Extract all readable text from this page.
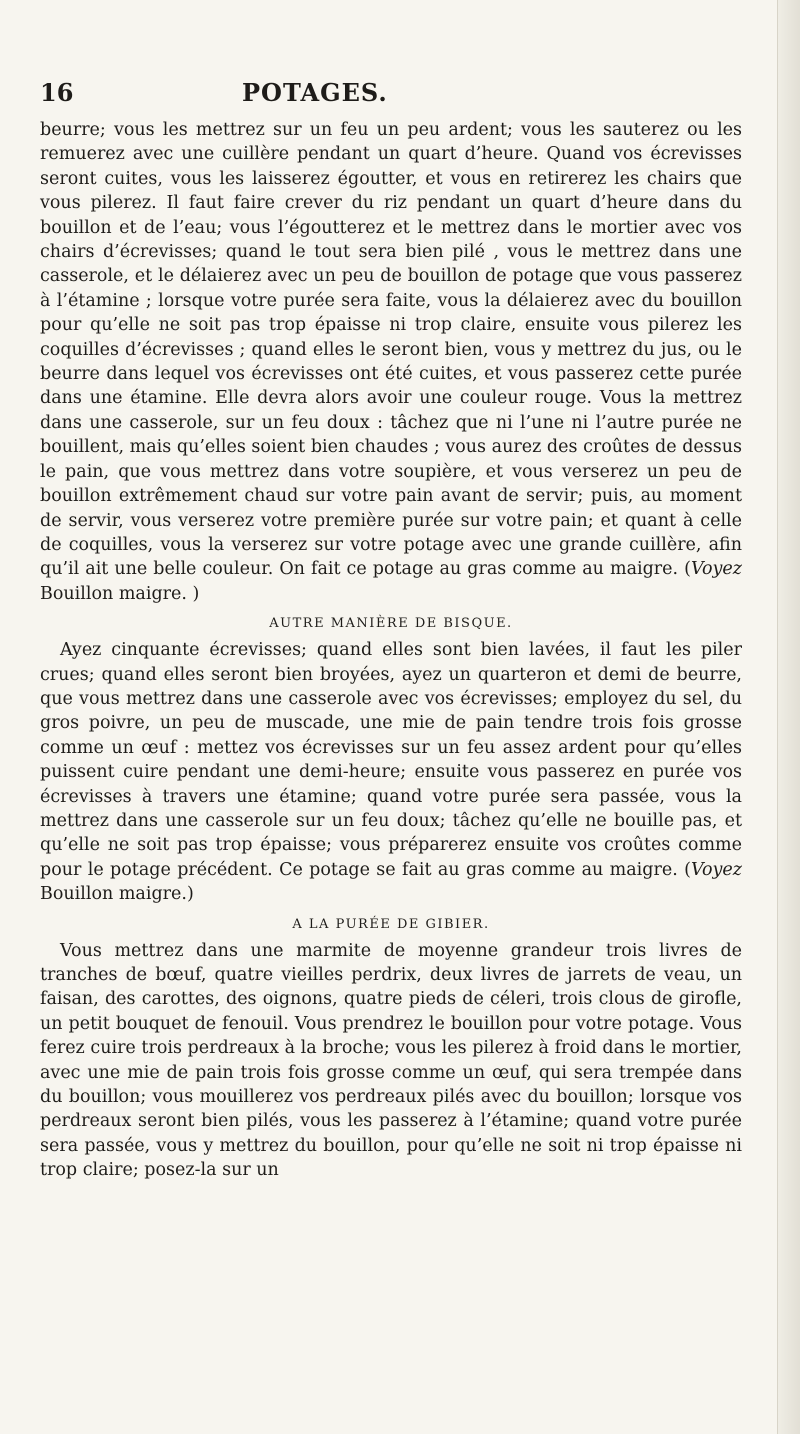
16	POTAGES.

beurre; vous les mettrez sur un feu un peu ardent; vous les sauterez ou les remuerez avec une cuillère pendant un quart d’heure. Quand vos écrevisses seront cuites, vous les laisserez égoutter, et vous en retirerez les chairs que vous pilerez. Il faut faire crever du riz pendant un quart d’heure dans du bouillon et de l’eau; vous l’égoutterez et le mettrez dans le mortier avec vos chairs d’écrevisses; quand le tout sera bien pilé , vous le mettrez dans une casserole, et le délaierez avec un peu de bouillon de potage que vous passerez à l’étamine ; lorsque votre purée sera faite, vous la délaierez avec du bouillon pour qu’elle ne soit pas trop épaisse ni trop claire, ensuite vous pilerez les coquilles d’écrevisses ; quand elles le seront bien, vous y mettrez du jus, ou le beurre dans lequel vos écrevisses ont été cuites, et vous passerez cette purée dans une étamine. Elle devra alors avoir une couleur rouge. Vous la mettrez dans une casserole, sur un feu doux : tâchez que ni l’une ni l’autre purée ne bouillent, mais qu’elles soient bien chaudes ; vous aurez des croûtes de dessus le pain, que vous mettrez dans votre soupière, et vous verserez un peu de bouillon extrêmement chaud sur votre pain avant de servir; puis, au moment de servir, vous verserez votre première purée sur votre pain; et quant à celle de coquilles, vous la verserez sur votre potage avec une grande cuillère, afin qu’il ait une belle couleur. On fait ce potage au gras comme au maigre. (Voyez Bouillon maigre. )

AUTRE MANIÈRE DE BISQUE.

Ayez cinquante écrevisses; quand elles sont bien lavées, il faut les piler crues; quand elles seront bien broyées, ayez un quarteron et demi de beurre, que vous mettrez dans une casserole avec vos écrevisses; employez du sel, du gros poivre, un peu de muscade, une mie de pain tendre trois fois grosse comme un œuf : mettez vos écrevisses sur un feu assez ardent pour qu’elles puissent cuire pendant une demi-heure; ensuite vous passerez en purée vos écrevisses à travers une étamine; quand votre purée sera passée, vous la mettrez dans une casserole sur un feu doux; tâchez qu’elle ne bouille pas, et qu’elle ne soit pas trop épaisse; vous préparerez ensuite vos croûtes comme pour le potage précédent. Ce potage se fait au gras comme au maigre. (Voyez Bouillon maigre.)

A LA PURÉE DE GIBIER.

Vous mettrez dans une marmite de moyenne grandeur trois livres de tranches de bœuf, quatre vieilles perdrix, deux livres de jarrets de veau, un faisan, des carottes, des oignons, quatre pieds de céleri, trois clous de girofle, un petit bouquet de fenouil. Vous prendrez le bouillon pour votre potage. Vous ferez cuire trois perdreaux à la broche; vous les pilerez à froid dans le mortier, avec une mie de pain trois fois grosse comme un œuf, qui sera trempée dans du bouillon; vous mouillerez vos perdreaux pilés avec du bouillon; lorsque vos perdreaux seront bien pilés, vous les passerez à l’étamine; quand votre purée sera passée, vous y mettrez du bouillon, pour qu’elle ne soit ni trop épaisse ni trop claire; posez-la sur un
